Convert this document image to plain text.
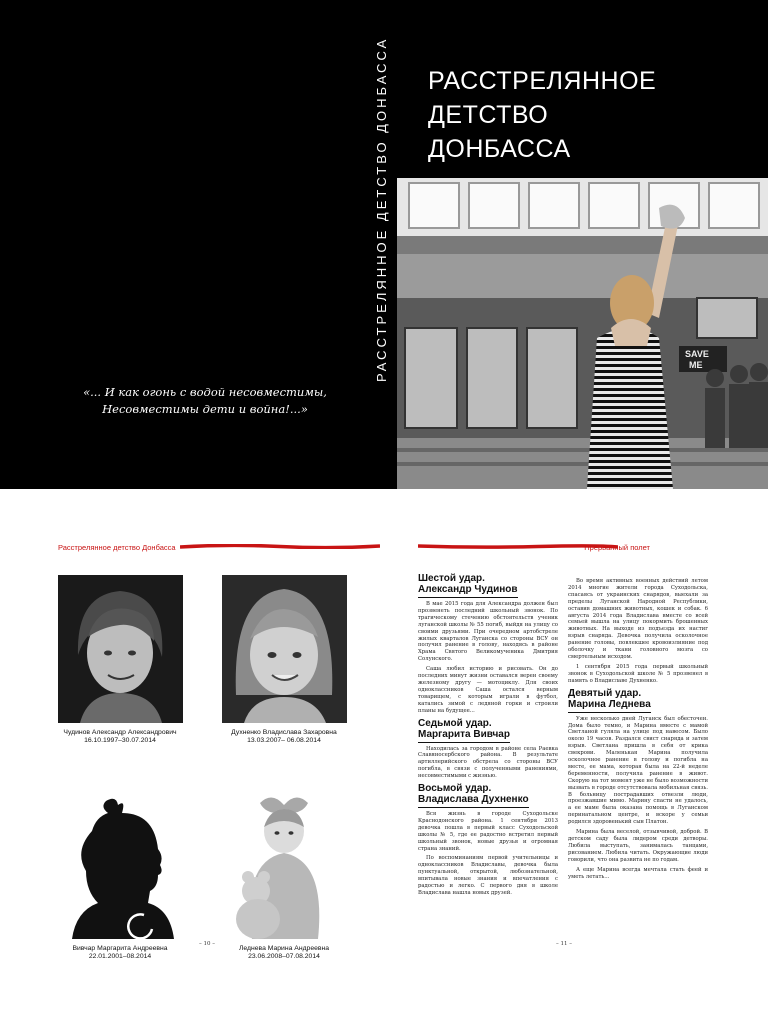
РАССТРЕЛЯННОЕ
ДЕТСТВО
ДОНБАССА
РАССТРЕЛЯННОЕ ДЕТСТВО ДОНБАССА
«... И как огонь с водой несовместимы,
Несовместимы дети и война!...»
SAVE
ME
Расстрелянное детство Донбасса	Прерванный полет
Чудинов Александр Александрович
16.10.1997–30.07.2014
Духненко Владислава Захаровна
13.03.2007– 06.08.2014
Вивчар Маргарита Андреевна
22.01.2001–08.2014
Леднева Марина Андреевна
23.06.2008–07.08.2014
– 10 –
Шестой удар.
Александр Чудинов

В мае 2015 года для Александра должен был прозвенеть последний школьный звонок. По трагическому стечению обстоятельств ученик луганской школы № 55 погиб, выйдя на улицу со своими друзьями. При очередном артобстреле жилых кварталов Луганска со стороны ВСУ он получил ранение в голову, находясь в районе Храма Святого Великомученика Дмитрия Солунского.

Саша любил историю и рисовать. Он до последних минут жизни оставался верен своему железному другу — мотоциклу. Для своих одноклассников Саша остался верным товарищем, с которым играли в футбол, катались зимой с ледяной горки и строили планы на будущее...

Седьмой удар.
Маргарита Вивчар

Находилась за городом в районе села Раевка Славяносербского района. В результате артиллерийского обстрела со стороны ВСУ погибла, в связи с полученными ранениями, несовместимыми с жизнью.

Восьмой удар.
Владислава Духненко

Вся жизнь в городе Суходольске Краснодонского района. 1 сентября 2013 девочка пошла в первый класс Суходольской школы № 5, где ее радостно встретил первый школьный звонок, новые друзья и огромная страна знаний.

По воспоминаниям первой учительницы и одноклассников Владиславы, девочка была пунктуальной, открытой, любознательной, впитывала новые знания и впечатления с радостью и легко. С первого дня в школе Владислава нашла новых друзей.

Во время активных военных действий летом 2014 многие жители города Суходольска, спасаясь от украинских снарядов, выехали за пределы Луганской Народной Республики, оставив домашних животных, кошек и собак. 6 августа 2014 года Владислава вместе со всей семьей вышла на улицу покормить брошенных животных. На выходе из подъезда их настиг взрыв снаряда. Девочка получила осколочное ранение головы, повлекшее кровоизлияние под оболочку и ткани головного мозга со смертельным исходом.

1 сентября 2015 года первый школьный звонок в Суходольской школе № 5 прозвенел в память о Владиславе Духненко.

Девятый удар.
Марина Леднева

Уже несколько дней Луганск был обесточен. Дома было темно, и Марина вместе с мамой Светланой гуляла на улице под навесом. Было около 19 часов. Раздался свист снаряда и затем взрыв. Светлана пришла в себя от крика свекрови. Маленькая Марина получила осколочное ранение в голову и погибла на месте, ее мама, которая была на 22-й неделе беременности, получила ранение в живот. Скорую на тот момент уже не было возможности вызвать в городе отсутствовала мобильная связь. В больницу пострадавших отвезли люди, проезжавшие мимо. Марину спасти не удалось, а ее маме была оказана помощь в Луганском перинатальном центре, и вскоре у семьи родился здоровенький сын Платон.

Марина была веселой, отзывчивой, доброй. В детском саду была лидером среди детворы. Любила выступать, занималась танцами, рисованием. Любила читать. Окружающие люди говорили, что она развита не по годам.

А еще Марина всегда мечтала стать феей и уметь летать...

– 11 –
